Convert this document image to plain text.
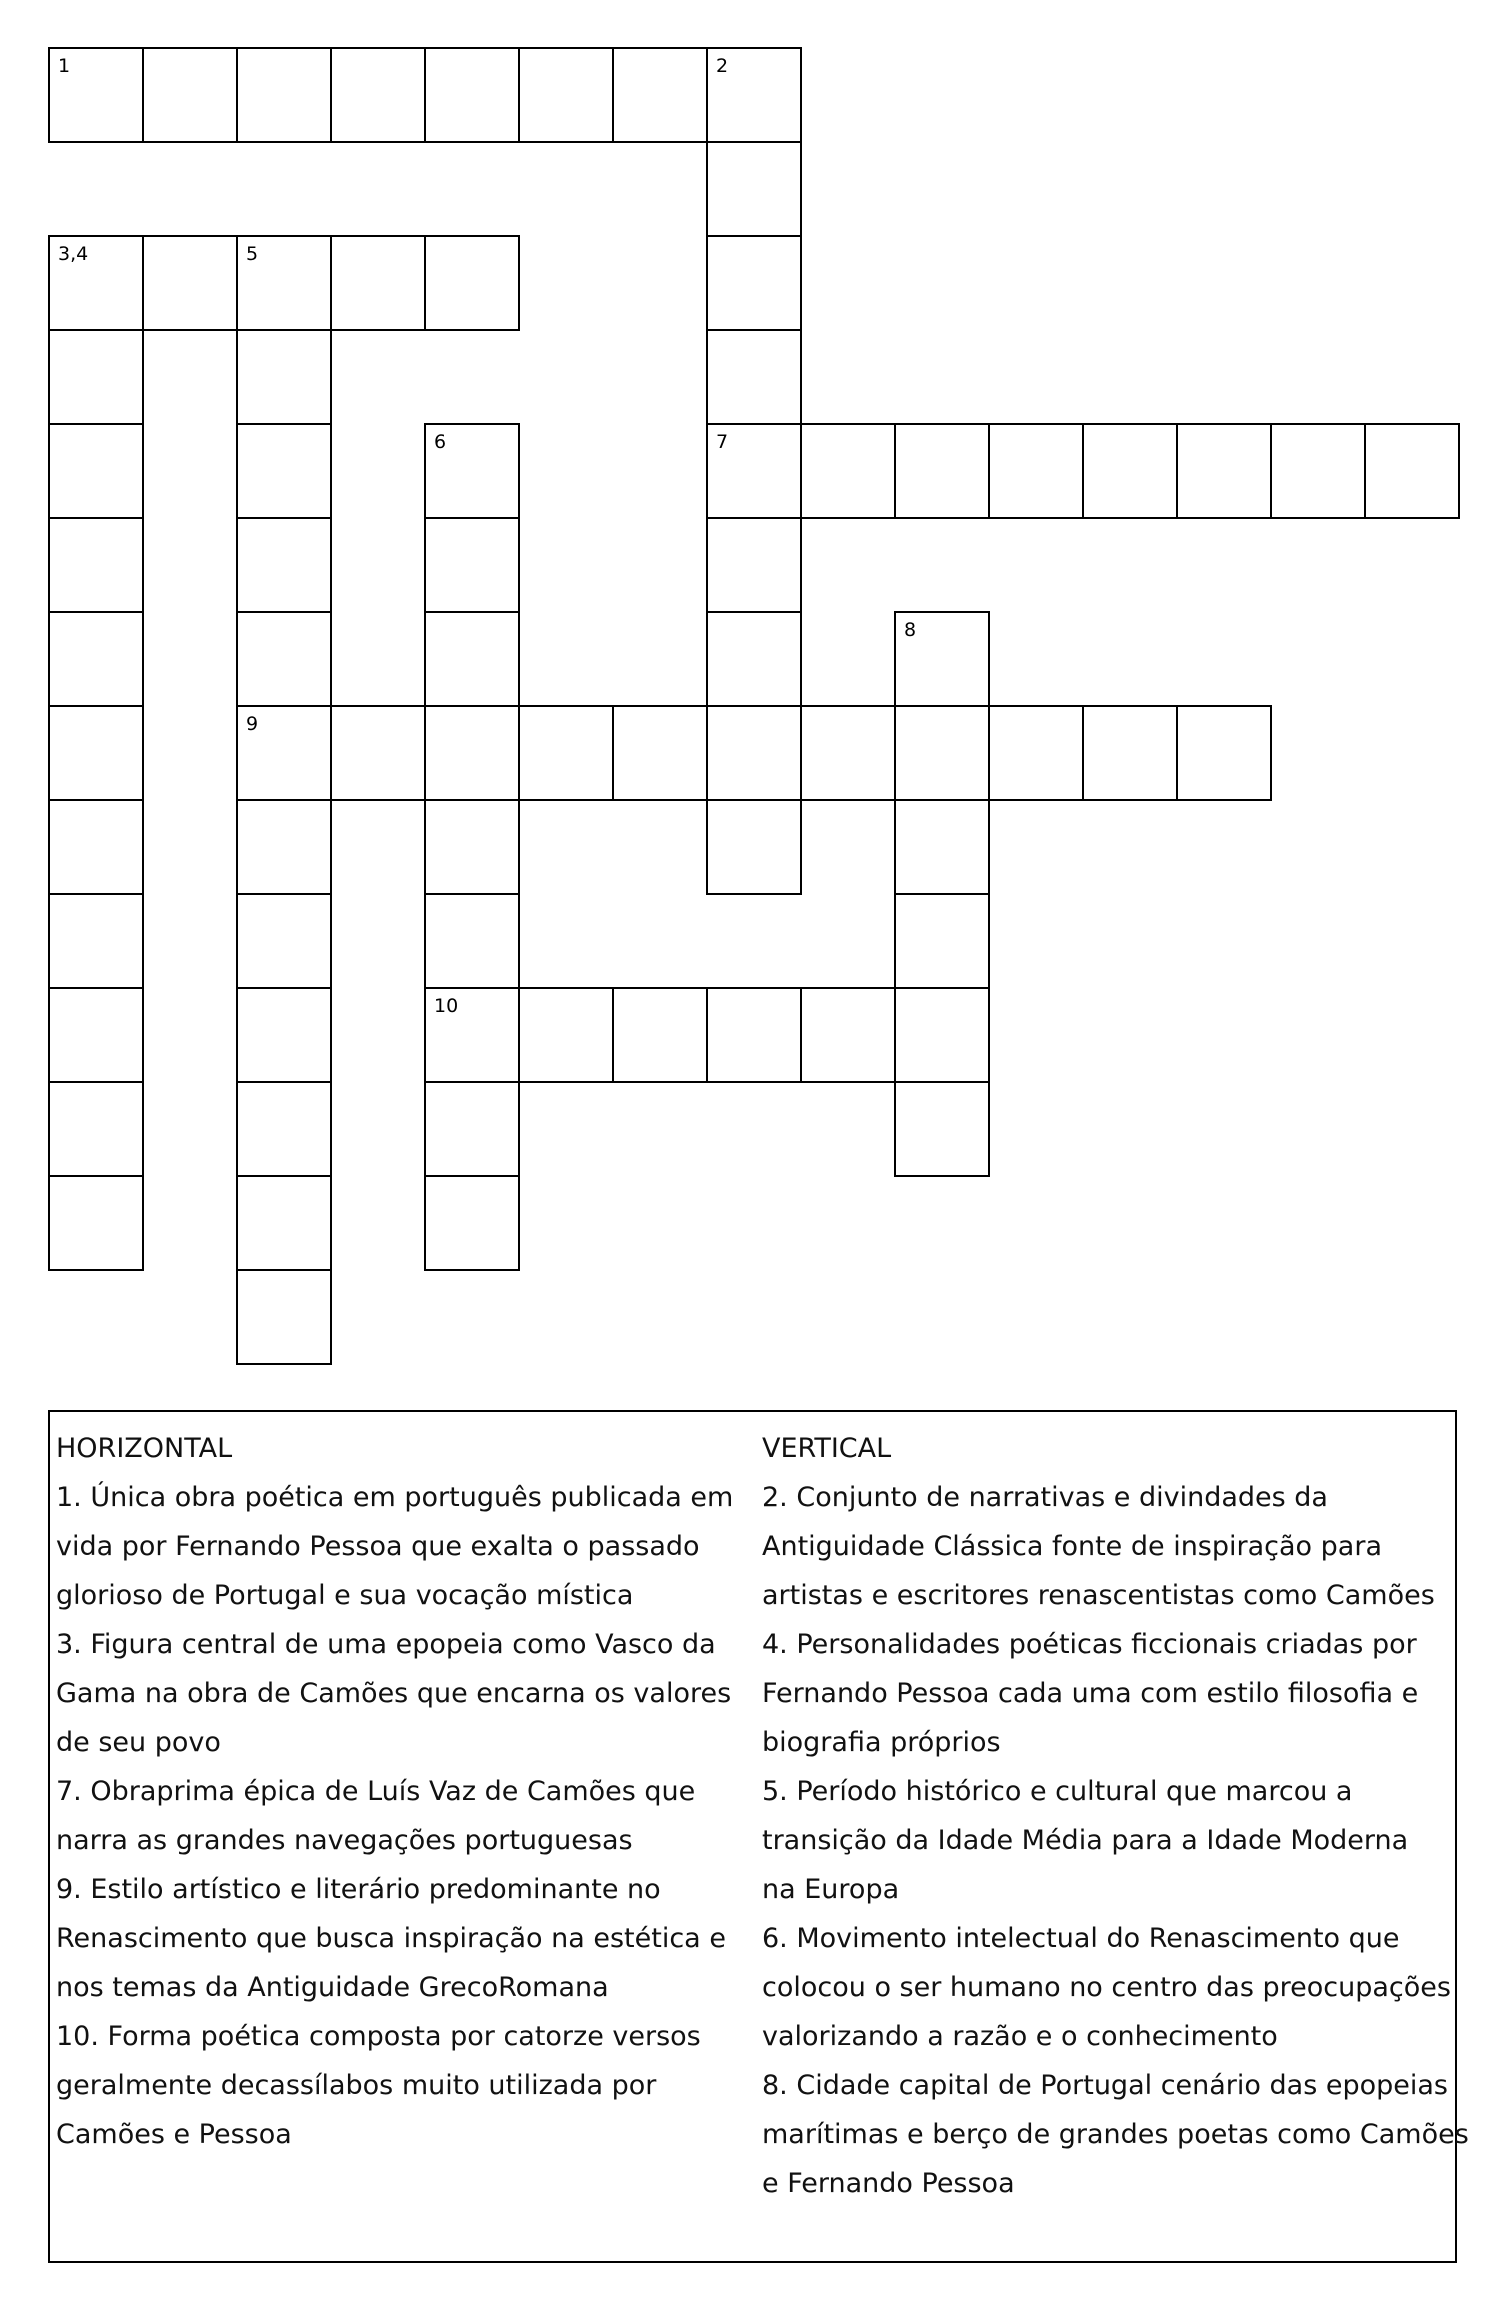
1	2
3,4	5
6	7
8
9
10
HORIZONTAL
1. Única obra poética em português publicada em
vida por Fernando Pessoa que exalta o passado
glorioso de Portugal e sua vocação mística
3. Figura central de uma epopeia como Vasco da
Gama na obra de Camões que encarna os valores
de seu povo
7. Obraprima épica de Luís Vaz de Camões que
narra as grandes navegações portuguesas
9. Estilo artístico e literário predominante no
Renascimento que busca inspiração na estética e
nos temas da Antiguidade GrecoRomana
10. Forma poética composta por catorze versos
geralmente decassílabos muito utilizada por
Camões e Pessoa
VERTICAL
2. Conjunto de narrativas e divindades da
Antiguidade Clássica fonte de inspiração para
artistas e escritores renascentistas como Camões
4. Personalidades poéticas ficcionais criadas por
Fernando Pessoa cada uma com estilo filosofia e
biografia próprios
5. Período histórico e cultural que marcou a
transição da Idade Média para a Idade Moderna
na Europa
6. Movimento intelectual do Renascimento que
colocou o ser humano no centro das preocupações
valorizando a razão e o conhecimento
8. Cidade capital de Portugal cenário das epopeias
marítimas e berço de grandes poetas como Camões
e Fernando Pessoa
